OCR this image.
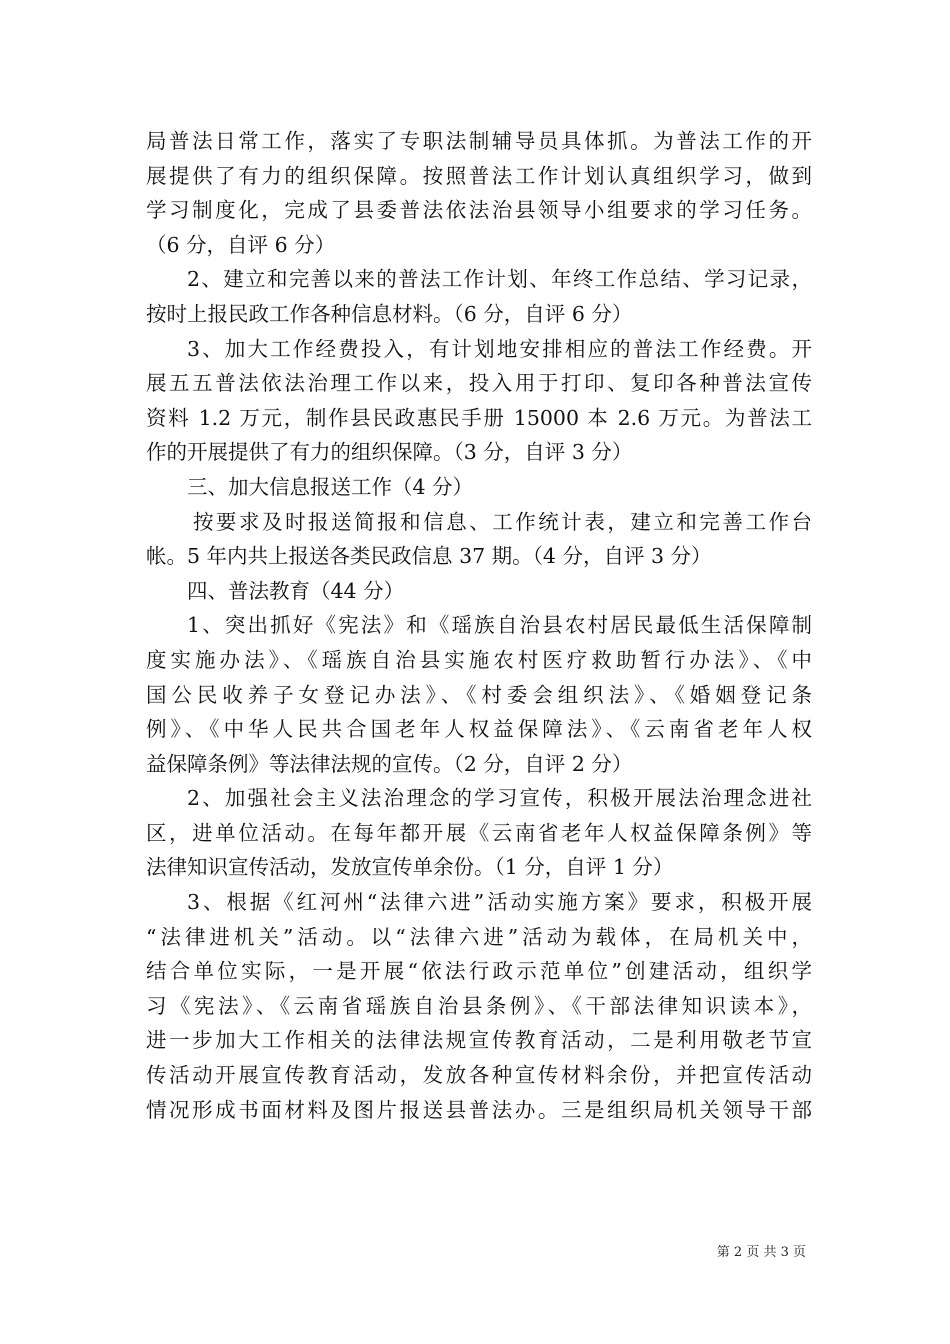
局普法日常工作，落实了专职法制辅导员具体抓。为普法工作的开
展提供了有力的组织保障。按照普法工作计划认真组织学习，做到
学习制度化，完成了县委普法依法治县领导小组要求的学习任务。
（6 分，自评 6 分）
2、建立和完善以来的普法工作计划、年终工作总结、学习记录，
按时上报民政工作各种信息材料。（6 分，自评 6 分）
3、加大工作经费投入，有计划地安排相应的普法工作经费。开
展五五普法依法治理工作以来，投入用于打印、复印各种普法宣传
资料 1.2 万元，制作县民政惠民手册 15000 本 2.6 万元。为普法工
作的开展提供了有力的组织保障。（3 分，自评 3 分）
三、加大信息报送工作（4 分）
按要求及时报送简报和信息、工作统计表，建立和完善工作台
帐。5 年内共上报送各类民政信息 37 期。（4 分，自评 3 分）
四、普法教育（44 分）
1、突出抓好《宪法》和《瑶族自治县农村居民最低生活保障制
度实施办法》、《瑶族自治县实施农村医疗救助暂行办法》、《中
国公民收养子女登记办法》、《村委会组织法》、《婚姻登记条
例》、《中华人民共合国老年人权益保障法》、《云南省老年人权
益保障条例》等法律法规的宣传。（2 分，自评 2 分）
2、加强社会主义法治理念的学习宣传，积极开展法治理念进社
区，进单位活动。在每年都开展《云南省老年人权益保障条例》等
法律知识宣传活动，发放宣传单余份。（1 分，自评 1 分）
3、根据《红河州“法律六进”活动实施方案》要求，积极开展
“法律进机关”活动。以“法律六进”活动为载体，在局机关中，
结合单位实际，一是开展“依法行政示范单位”创建活动，组织学
习《宪法》、《云南省瑶族自治县条例》、《干部法律知识读本》，
进一步加大工作相关的法律法规宣传教育活动，二是利用敬老节宣
传活动开展宣传教育活动，发放各种宣传材料余份，并把宣传活动
情况形成书面材料及图片报送县普法办。三是组织局机关领导干部
第 2 页 共 3 页
